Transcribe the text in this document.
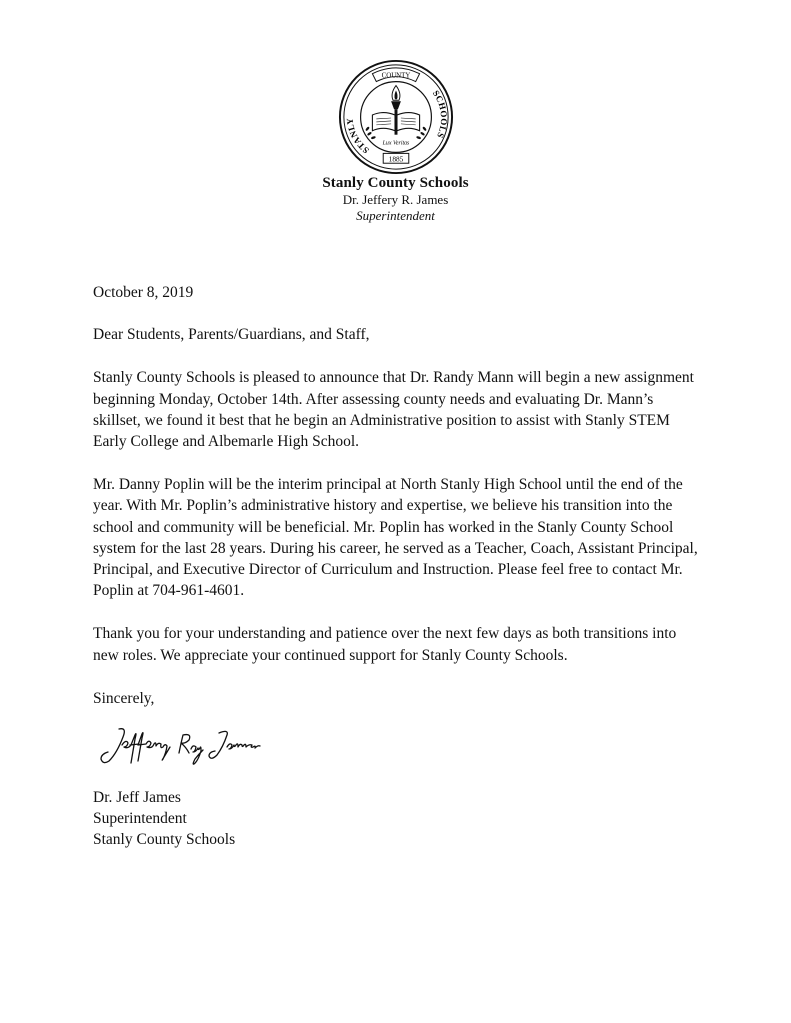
COUNTY
STANLY
SCHOOLS
Lux Veritas
1885
Stanly County Schools
Dr. Jeffery R. James
Superintendent

October 8, 2019

Dear Students, Parents/Guardians, and Staff,

Stanly County Schools is pleased to announce that Dr. Randy Mann will begin a new assignment beginning Monday, October 14th. After assessing county needs and evaluating Dr. Mann’s skillset, we found it best that he begin an Administrative position to assist with Stanly STEM Early College and Albemarle High School.

Mr. Danny Poplin will be the interim principal at North Stanly High School until the end of the year. With Mr. Poplin’s administrative history and expertise, we believe his transition into the school and community will be beneficial. Mr. Poplin has worked in the Stanly County School system for the last 28 years. During his career, he served as a Teacher, Coach, Assistant Principal, Principal, and Executive Director of Curriculum and Instruction. Please feel free to contact Mr. Poplin at 704-961-4601.

Thank you for your understanding and patience over the next few days as both transitions into new roles. We appreciate your continued support for Stanly County Schools.

Sincerely,

Dr. Jeff James

Superintendent

Stanly County Schools
